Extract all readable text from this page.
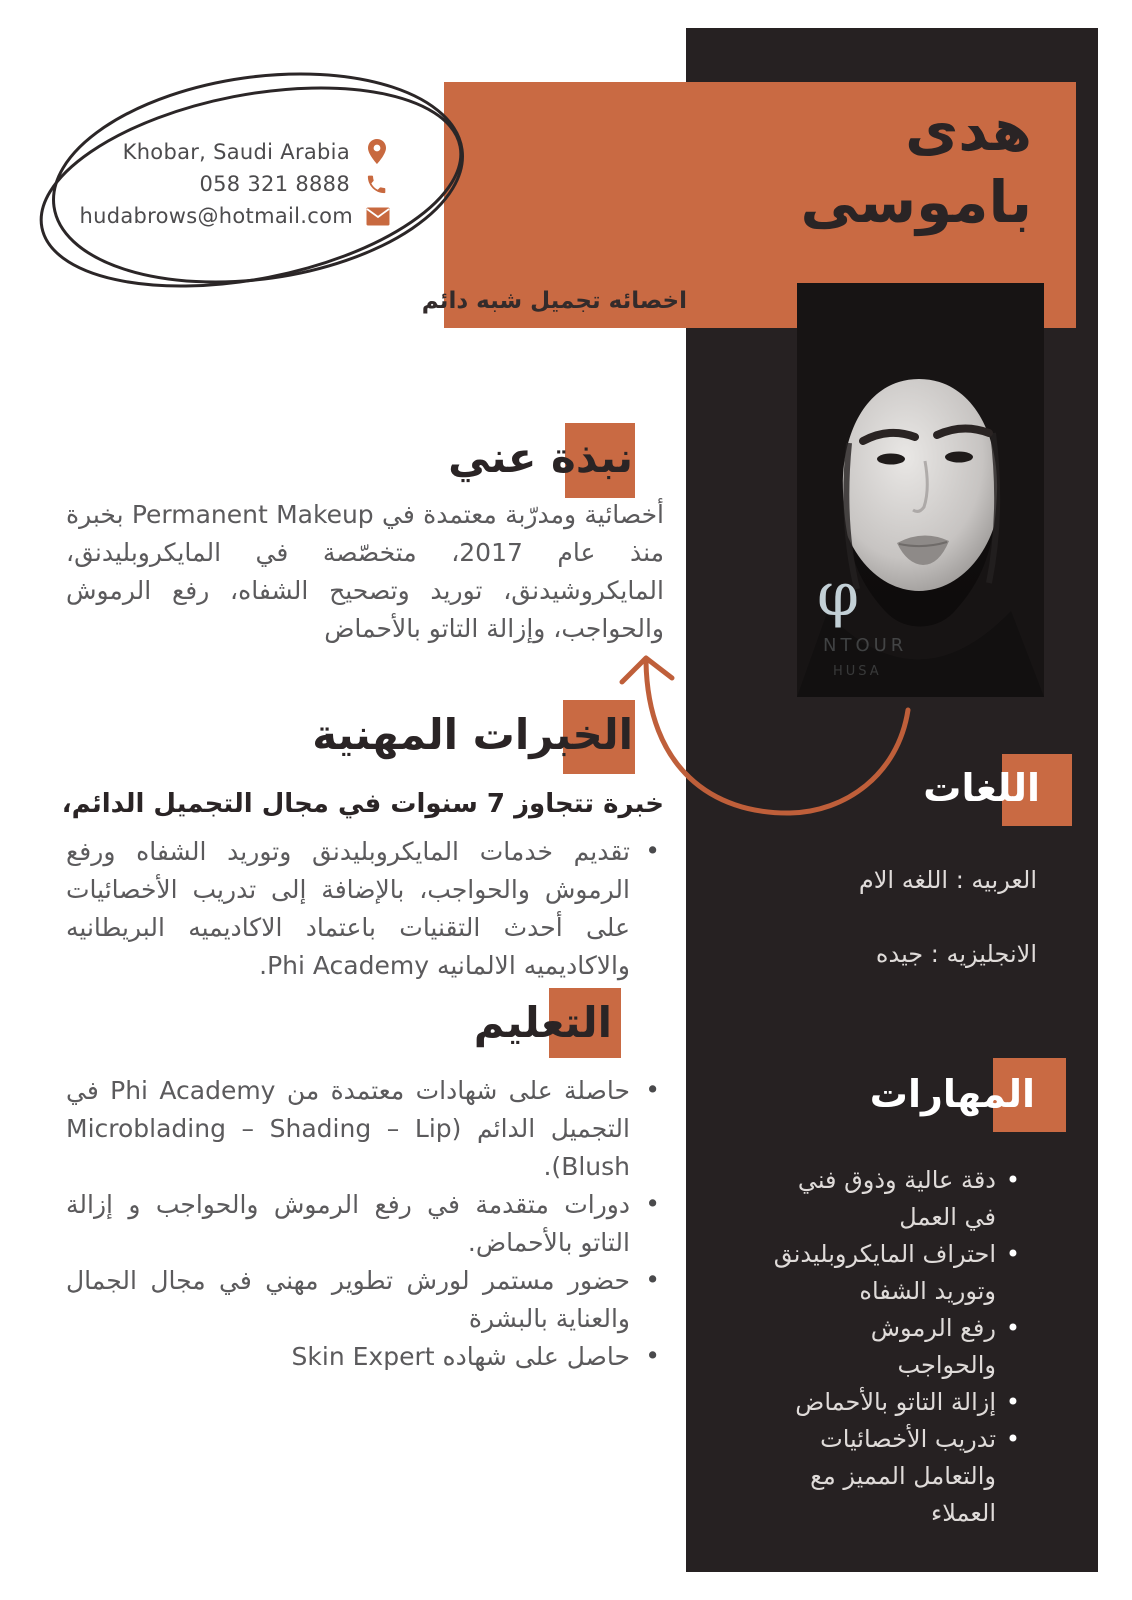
هدى
باموسى
اخصائه تجميل شبه دائم
φ
NTOUR
HUSA
Khobar, Saudi Arabia
058 321 8888
hudabrows@hotmail.com
نبذة عني
أخصائية ومدرّبة معتمدة في Permanent Makeup بخبرة منذ عام 2017، متخصّصة في المايكروبليدنق، المايكروشيدنق، توريد وتصحيح الشفاه، رفع الرموش والحواجب، وإزالة التاتو بالأحماض
الخبرات المهنية
خبرة تتجاوز 7 سنوات في مجال التجميل الدائم،
• تقديم خدمات المايكروبليدنق وتوريد الشفاه ورفع الرموش والحواجب، بالإضافة إلى تدريب الأخصائيات على أحدث التقنيات باعتماد الاكاديميه البريطانيه والاكاديميه الالمانيه Phi Academy.
التعليم
• حاصلة على شهادات معتمدة من Phi Academy في التجميل الدائم (Microblading – Shading – Lip Blush).
• دورات متقدمة في رفع الرموش والحواجب و إزالة التاتو بالأحماض.
• حضور مستمر لورش تطوير مهني في مجال الجمال والعناية بالبشرة
• حاصل على شهاده Skin Expert
اللغات
العربيه : اللغه الام
الانجليزيه : جيده
المهارات
• دقة عالية وذوق فني في العمل
• احتراف المايكروبليدنق وتوريد الشفاه
• رفع الرموش والحواجب
• إزالة التاتو بالأحماض
• تدريب الأخصائيات والتعامل المميز مع العملاء
